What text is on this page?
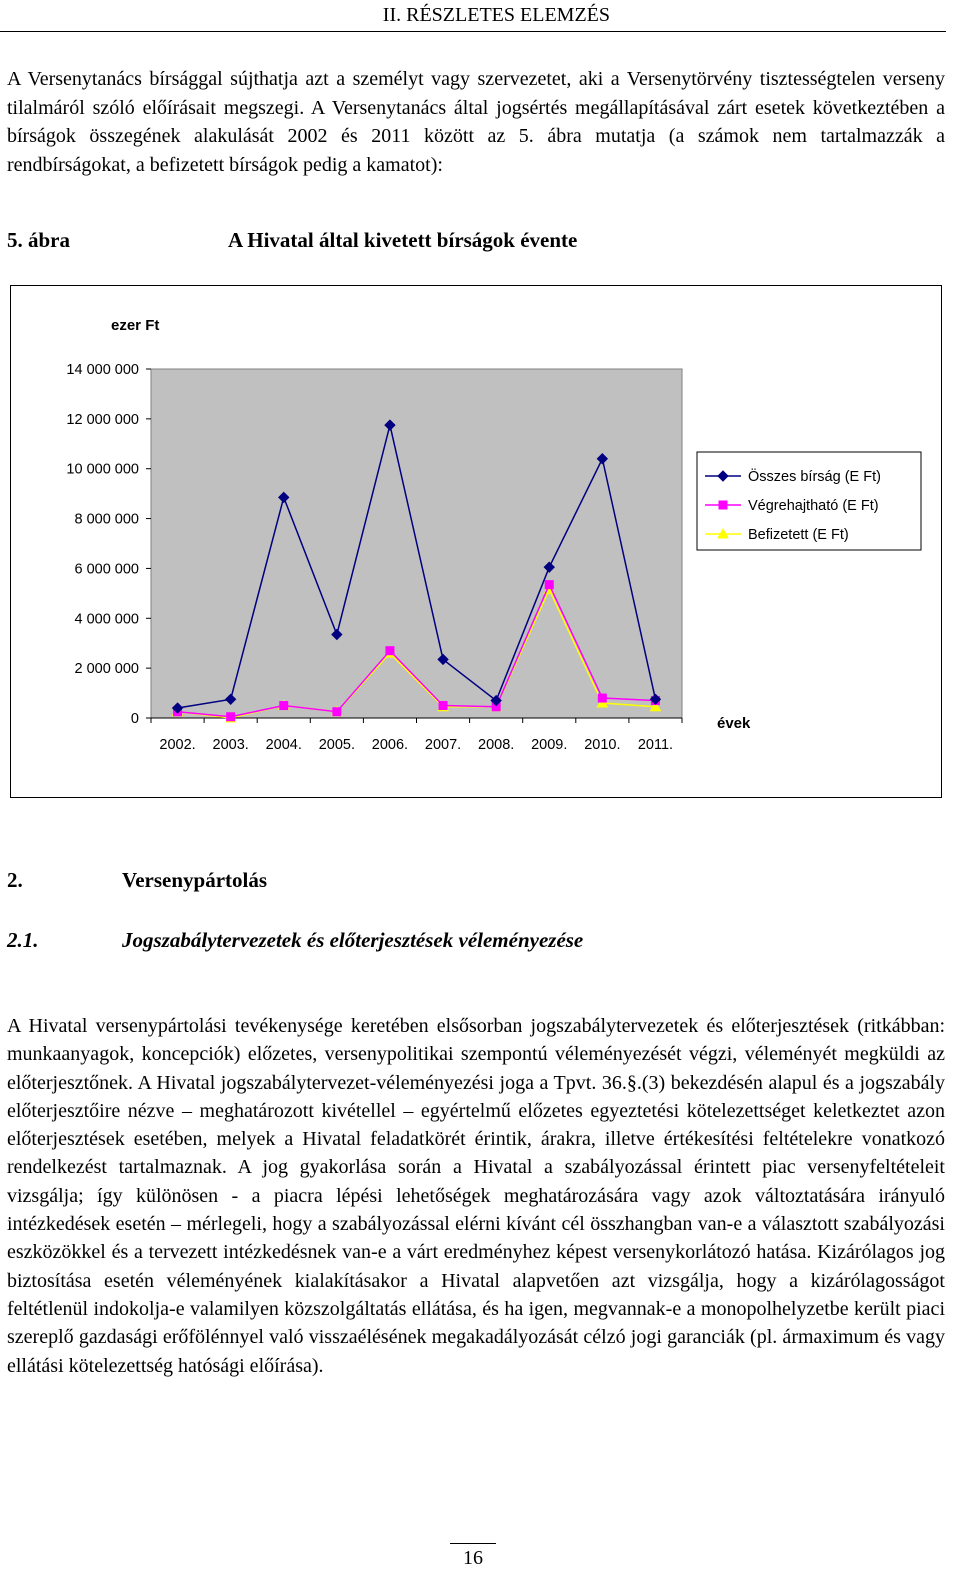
II. RÉSZLETES ELEMZÉS

A Versenytanács bírsággal sújthatja azt a személyt vagy szervezetet, aki a Versenytörvény tisztességtelen verseny tilalmáról szóló előírásait megszegi. A Versenytanács által jogsértés megállapításával zárt esetek következtében a bírságok összegének alakulását 2002 és 2011 között az 5. ábra mutatja (a számok nem tartalmazzák a rendbírságokat, a befizetett bírságok pedig a kamatot):

5. ábra	A Hivatal által kivetett bírságok évente
0
2 000 000
4 000 000
6 000 000
8 000 000
10 000 000
12 000 000
14 000 000
2002. 2003. 2004. 2005. 2006. 2007. 2008. 2009. 2010. 2011.
ezer Ft
évek
Összes bírság (E Ft)
Végrehajtható (E Ft)
Befizetett (E Ft)
2.	Versenypártolás
2.1.	Jogszabálytervezetek és előterjesztések véleményezése

A Hivatal versenypártolási tevékenysége keretében elsősorban jogszabálytervezetek és előterjesztések (ritkábban: munkaanyagok, koncepciók) előzetes, versenypolitikai szempontú véleményezését végzi, véleményét megküldi az előterjesztőnek. A Hivatal jogszabálytervezet-véleményezési joga a Tpvt. 36.§.(3) bekezdésén alapul és a jogszabály előterjesztőire nézve – meghatározott kivétellel – egyértelmű előzetes egyeztetési kötelezettséget keletkeztet azon előterjesztések esetében, melyek a Hivatal feladatkörét érintik, árakra, illetve értékesítési feltételekre vonatkozó rendelkezést tartalmaznak. A jog gyakorlása során a Hivatal a szabályozással érintett piac versenyfeltételeit vizsgálja; így különösen - a piacra lépési lehetőségek meghatározására vagy azok változtatására irányuló intézkedések esetén – mérlegeli, hogy a szabályozással elérni kívánt cél összhangban van-e a választott szabályozási eszközökkel és a tervezett intézkedésnek van-e a várt eredményhez képest versenykorlátozó hatása. Kizárólagos jog biztosítása esetén véleményének kialakításakor a Hivatal alapvetően azt vizsgálja, hogy a kizárólagosságot feltétlenül indokolja-e valamilyen közszolgáltatás ellátása, és ha igen, megvannak-e a monopolhelyzetbe került piaci szereplő gazdasági erőfölénnyel való visszaélésének megakadályozását célzó jogi garanciák (pl. ármaximum és vagy ellátási kötelezettség hatósági előírása).

16
